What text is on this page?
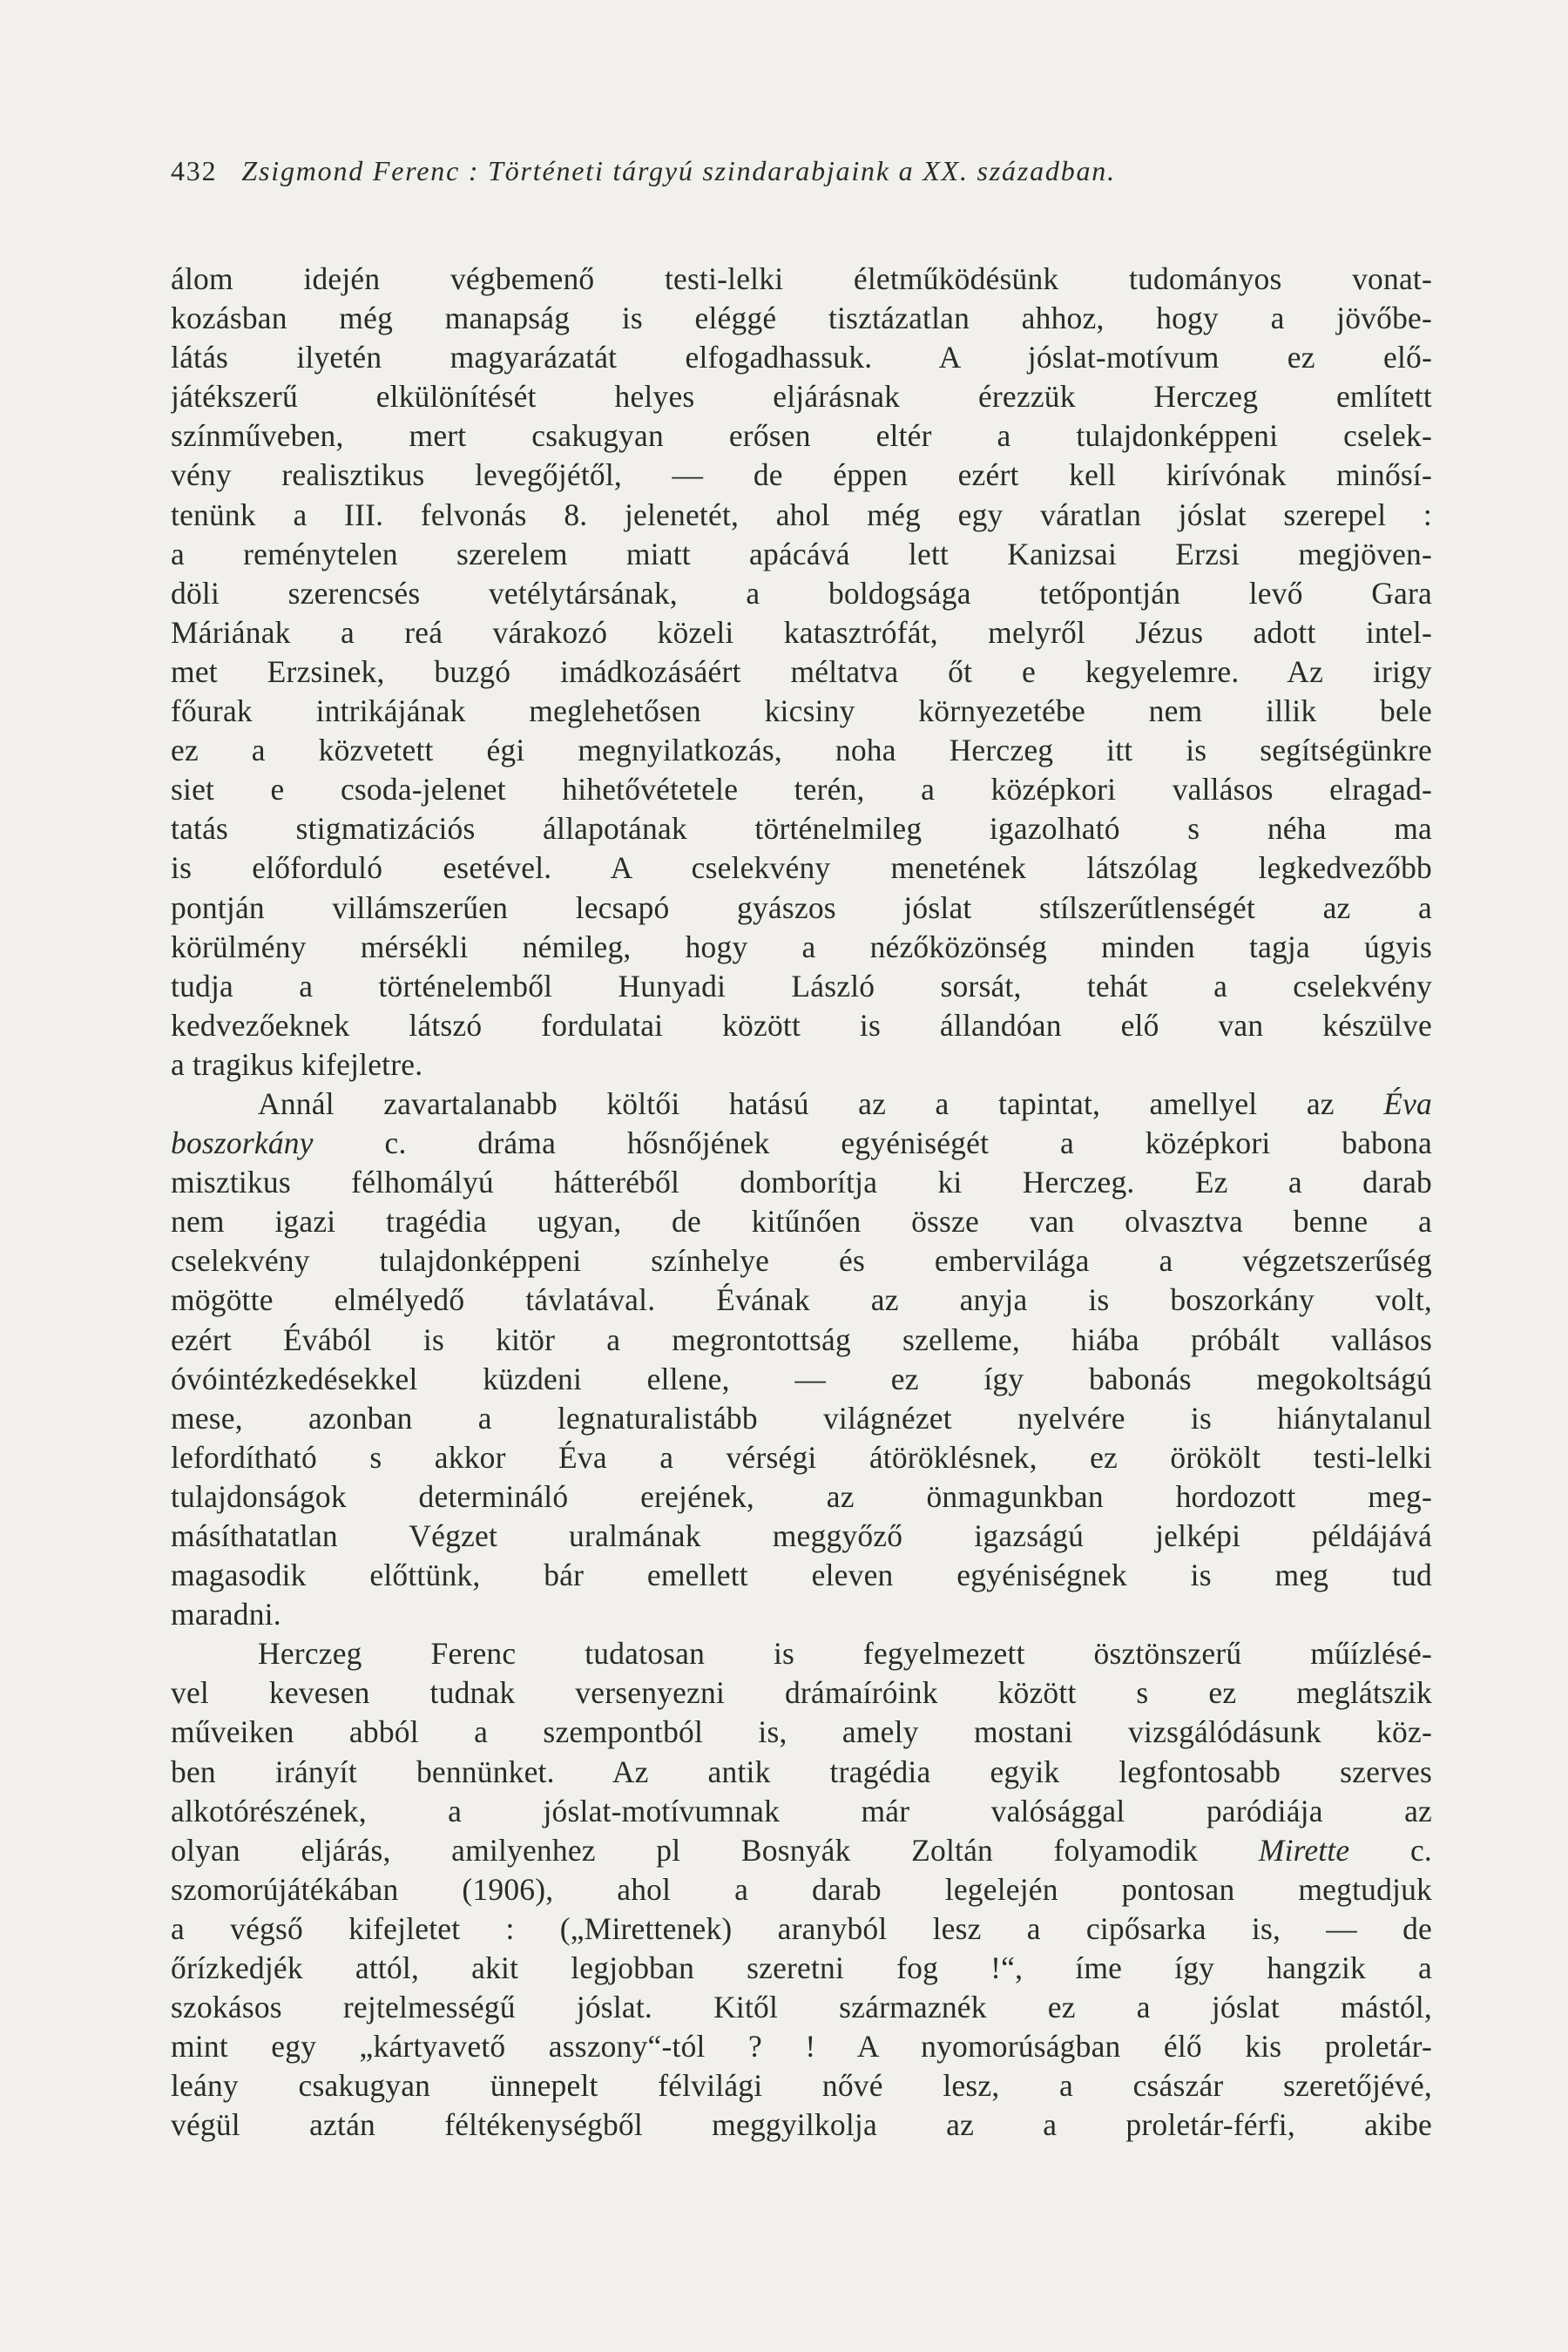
432 Zsigmond Ferenc : Történeti tárgyú szindarabjaink a XX. században.
álom idején végbemenő testi-lelki életműködésünk tudományos vonat-
kozásban még manapság is eléggé tisztázatlan ahhoz, hogy a jövőbe-
látás ilyetén magyarázatát elfogadhassuk. A jóslat-motívum ez elő-
játékszerű elkülönítését helyes eljárásnak érezzük Herczeg említett
színműveben, mert csakugyan erősen eltér a tulajdonképpeni cselek-
vény realisztikus levegőjétől, — de éppen ezért kell kirívónak minősí-
tenünk a III. felvonás 8. jelenetét, ahol még egy váratlan jóslat szerepel :
a reménytelen szerelem miatt apácává lett Kanizsai Erzsi megjöven-
döli szerencsés vetélytársának, a boldogsága tetőpontján levő Gara
Máriának a reá várakozó közeli katasztrófát, melyről Jézus adott intel-
met Erzsinek, buzgó imádkozásáért méltatva őt e kegyelemre. Az irigy
főurak intrikájának meglehetősen kicsiny környezetébe nem illik bele
ez a közvetett égi megnyilatkozás, noha Herczeg itt is segítségünkre
siet e csoda-jelenet hihetővétetele terén, a középkori vallásos elragad-
tatás stigmatizációs állapotának történelmileg igazolható s néha ma
is előforduló esetével. A cselekvény menetének látszólag legkedvezőbb
pontján villámszerűen lecsapó gyászos jóslat stílszerűtlenségét az a
körülmény mérsékli némileg, hogy a nézőközönség minden tagja úgyis
tudja a történelemből Hunyadi László sorsát, tehát a cselekvény
kedvezőeknek látszó fordulatai között is állandóan elő van készülve
a tragikus kifejletre.
Annál zavartalanabb költői hatású az a tapintat, amellyel az Éva
boszorkány c. dráma hősnőjének egyéniségét a középkori babona
misztikus félhomályú hátteréből domborítja ki Herczeg. Ez a darab
nem igazi tragédia ugyan, de kitűnően össze van olvasztva benne a
cselekvény tulajdonképpeni színhelye és embervilága a végzetszerűség
mögötte elmélyedő távlatával. Évának az anyja is boszorkány volt,
ezért Évából is kitör a megrontottság szelleme, hiába próbált vallásos
óvóintézkedésekkel küzdeni ellene, — ez így babonás megokoltságú
mese, azonban a legnaturalistább világnézet nyelvére is hiánytalanul
lefordítható s akkor Éva a vérségi átöröklésnek, ez örökölt testi-lelki
tulajdonságok determináló erejének, az önmagunkban hordozott meg-
másíthatatlan Végzet uralmának meggyőző igazságú jelképi példájává
magasodik előttünk, bár emellett eleven egyéniségnek is meg tud
maradni.
Herczeg Ferenc tudatosan is fegyelmezett ösztönszerű műízlésé-
vel kevesen tudnak versenyezni drámaíróink között s ez meglátszik
műveiken abból a szempontból is, amely mostani vizsgálódásunk köz-
ben irányít bennünket. Az antik tragédia egyik legfontosabb szerves
alkotórészének, a jóslat-motívumnak már valósággal paródiája az
olyan eljárás, amilyenhez pl Bosnyák Zoltán folyamodik Mirette c.
szomorújátékában (1906), ahol a darab legelején pontosan megtudjuk
a végső kifejletet : („Mirettenek) aranyból lesz a cipősarka is, — de
őrízkedjék attól, akit legjobban szeretni fog !“, íme így hangzik a
szokásos rejtelmességű jóslat. Kitől származnék ez a jóslat mástól,
mint egy „kártyavető asszony“-tól ? ! A nyomorúságban élő kis proletár-
leány csakugyan ünnepelt félvilági nővé lesz, a császár szeretőjévé,
végül aztán féltékenységből meggyilkolja az a proletár-férfi, akibe
